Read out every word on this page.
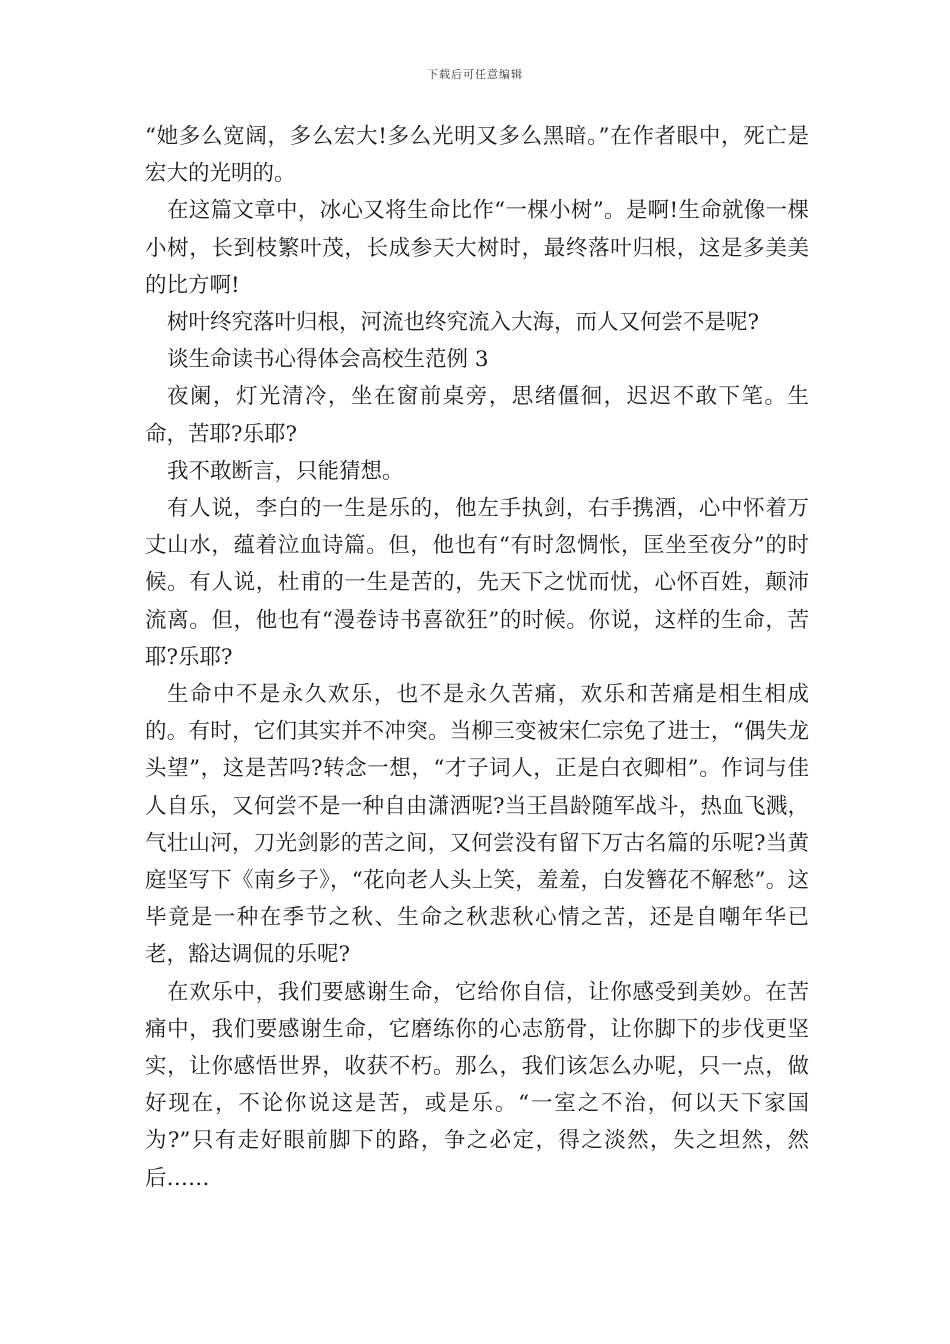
下载后可任意编辑

“她多么宽阔，多么宏大!多么光明又多么黑暗。”在作者眼中，死亡是宏大的光明的。

在这篇文章中，冰心又将生命比作“一棵小树”。是啊!生命就像一棵小树，长到枝繁叶茂，长成参天大树时，最终落叶归根，这是多美美的比方啊!

树叶终究落叶归根，河流也终究流入大海，而人又何尝不是呢?

谈生命读书心得体会高校生范例 3

夜阑，灯光清冷，坐在窗前桌旁，思绪僵徊，迟迟不敢下笔。生命，苦耶?乐耶?

我不敢断言，只能猜想。

有人说，李白的一生是乐的，他左手执剑，右手携酒，心中怀着万丈山水，蕴着泣血诗篇。但，他也有“有时忽惆怅，匡坐至夜分”的时候。有人说，杜甫的一生是苦的，先天下之忧而忧，心怀百姓，颠沛流离。但，他也有“漫卷诗书喜欲狂”的时候。你说，这样的生命，苦耶?乐耶?

生命中不是永久欢乐，也不是永久苦痛，欢乐和苦痛是相生相成的。有时，它们其实并不冲突。当柳三变被宋仁宗免了进士，“偶失龙头望”，这是苦吗?转念一想，“才子词人，正是白衣卿相”。作词与佳人自乐，又何尝不是一种自由潇洒呢?当王昌龄随军战斗，热血飞溅，气壮山河，刀光剑影的苦之间，又何尝没有留下万古名篇的乐呢?当黄庭坚写下《南乡子》，“花向老人头上笑，羞羞，白发簪花不解愁”。这毕竟是一种在季节之秋、生命之秋悲秋心情之苦，还是自嘲年华已老，豁达调侃的乐呢?

在欢乐中，我们要感谢生命，它给你自信，让你感受到美妙。在苦痛中，我们要感谢生命，它磨练你的心志筋骨，让你脚下的步伐更坚实，让你感悟世界，收获不朽。那么，我们该怎么办呢，只一点，做好现在，不论你说这是苦，或是乐。“一室之不治，何以天下家国为?”只有走好眼前脚下的路，争之必定，得之淡然，失之坦然，然后……
